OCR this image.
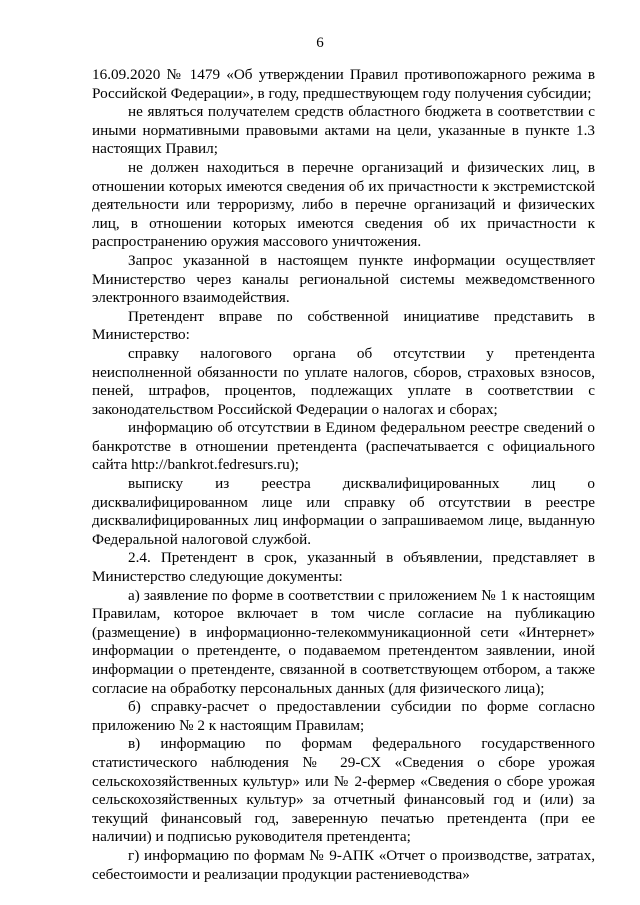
6

16.09.2020 № 1479 «Об утверждении Правил противопожарного режима в Российской Федерации», в году, предшествующем году получения субсидии;

не являться получателем средств областного бюджета в соответствии с иными нормативными правовыми актами на цели, указанные в пункте 1.3 настоящих Правил;

не должен находиться в перечне организаций и физических лиц, в отношении которых имеются сведения об их причастности к экстремистской деятельности или терроризму, либо в перечне организаций и физических лиц, в отношении которых имеются сведения об их причастности к распространению оружия массового уничтожения.

Запрос указанной в настоящем пункте информации осуществляет Министерство через каналы региональной системы межведомственного электронного взаимодействия.

Претендент вправе по собственной инициативе представить в Министерство:

справку налогового органа об отсутствии у претендента неисполненной обязанности по уплате налогов, сборов, страховых взносов, пеней, штрафов, процентов, подлежащих уплате в соответствии с законодательством Российской Федерации о налогах и сборах;

информацию об отсутствии в Едином федеральном реестре сведений о банкротстве в отношении претендента (распечатывается с официального сайта http://bankrot.fedresurs.ru);

выписку из реестра дисквалифицированных лиц о дисквалифицированном лице или справку об отсутствии в реестре дисквалифицированных лиц информации о запрашиваемом лице, выданную Федеральной налоговой службой.

2.4. Претендент в срок, указанный в объявлении, представляет в Министерство следующие документы:

а) заявление по форме в соответствии с приложением № 1 к настоящим Правилам, которое включает в том числе согласие на публикацию (размещение) в информационно-телекоммуникационной сети «Интернет» информации о претенденте, о подаваемом претендентом заявлении, иной информации о претенденте, связанной в соответствующем отбором, а также согласие на обработку персональных данных (для физического лица);

б) справку-расчет о предоставлении субсидии по форме согласно приложению № 2 к настоящим Правилам;

в) информацию по формам федерального государственного статистического наблюдения № 29-СХ «Сведения о сборе урожая сельскохозяйственных культур» или № 2-фермер «Сведения о сборе урожая сельскохозяйственных культур» за отчетный финансовый год и (или) за текущий финансовый год, заверенную печатью претендента (при ее наличии) и подписью руководителя претендента;

г) информацию по формам № 9-АПК «Отчет о производстве, затратах, себестоимости и реализации продукции растениеводства»
